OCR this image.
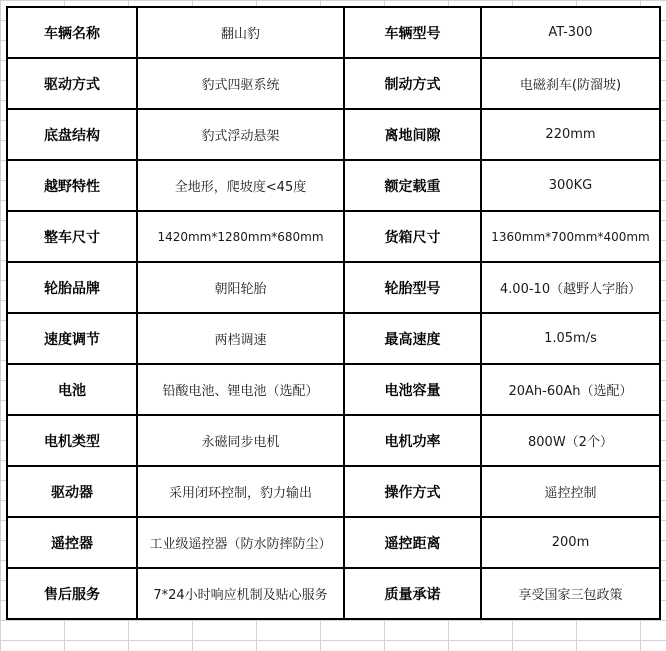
车辆名称	翻山豹	车辆型号	AT-300
驱动方式	豹式四驱系统	制动方式	电磁刹车(防溜坡)
底盘结构	豹式浮动悬架	离地间隙	220mm
越野特性	全地形，爬坡度<45度	额定载重	300KG
整车尺寸	1420mm*1280mm*680mm	货箱尺寸	1360mm*700mm*400mm
轮胎品牌	朝阳轮胎	轮胎型号	4.00-10（越野人字胎）
速度调节	两档调速	最高速度	1.05m/s
电池	铅酸电池、锂电池（选配）	电池容量	20Ah-60Ah（选配）
电机类型	永磁同步电机	电机功率	800W（2个）
驱动器	采用闭环控制，豹力输出	操作方式	遥控控制
遥控器	工业级遥控器（防水防摔防尘）	遥控距离	200m
售后服务	7*24小时响应机制及贴心服务	质量承诺	享受国家三包政策
